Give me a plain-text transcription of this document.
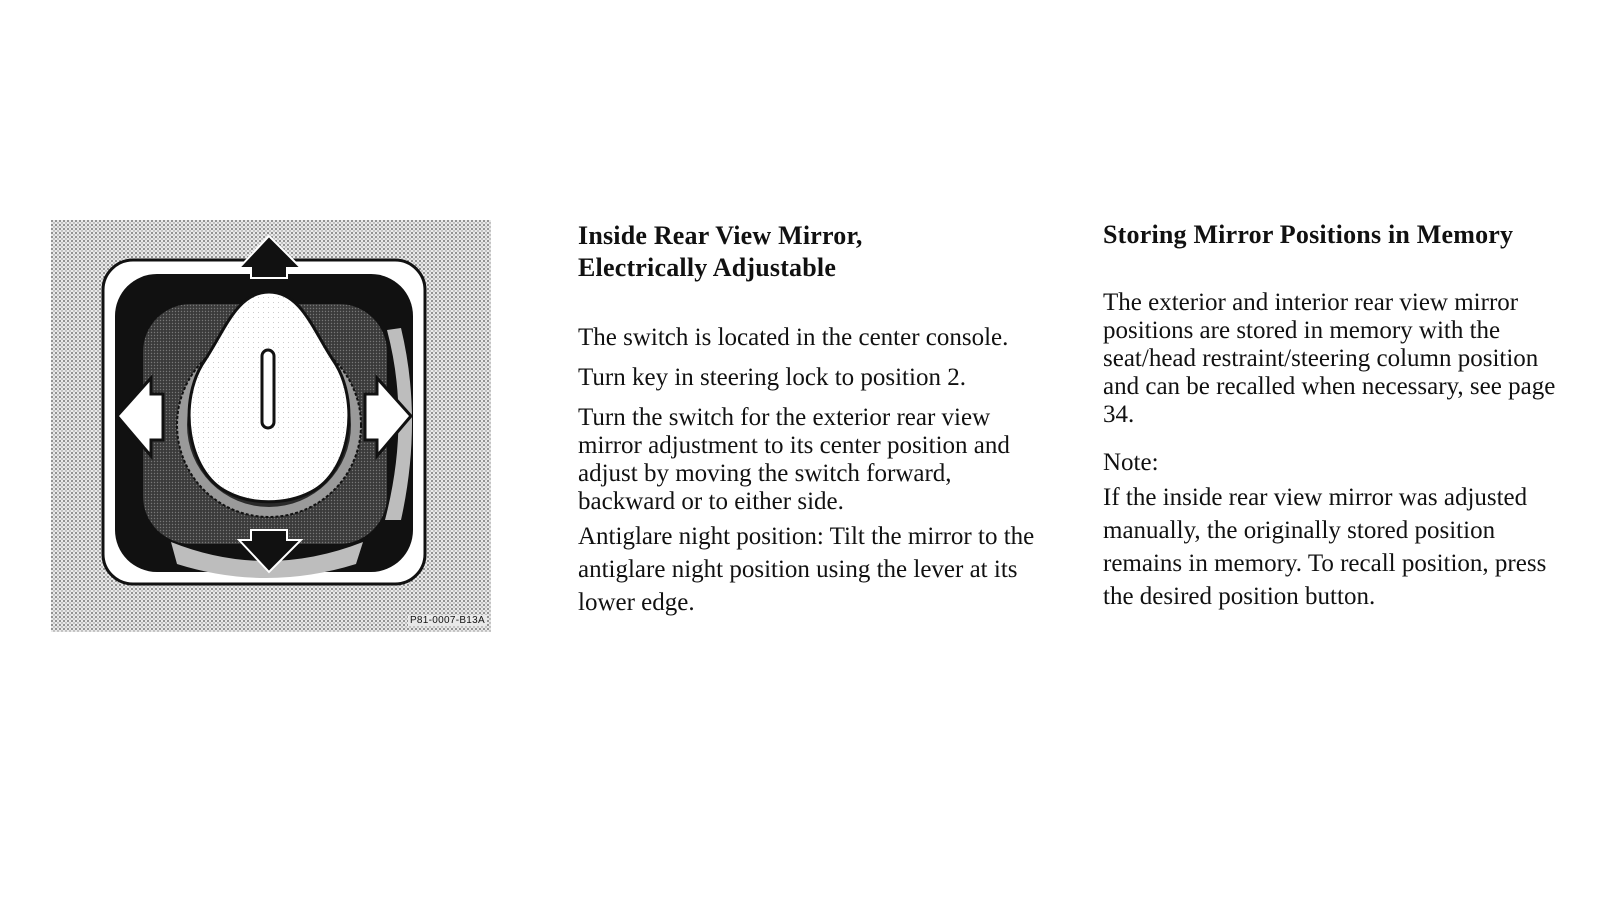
P81-0007-B13A
Inside Rear View Mirror,
Electrically Adjustable

The switch is located in the center console.

Turn key in steering lock to position 2.

Turn the switch for the exterior rear view mirror adjustment to its center position and adjust by moving the switch forward, backward or to either side.

Antiglare night position: Tilt the mirror to the antiglare night position using the lever at its lower edge.

Storing Mirror Positions in Memory

The exterior and interior rear view mirror positions are stored in memory with the seat/head restraint/steering column position and can be recalled when necessary, see page 34.

Note:

If the inside rear view mirror was adjusted manually, the originally stored position remains in memory. To recall position, press the desired position button.
